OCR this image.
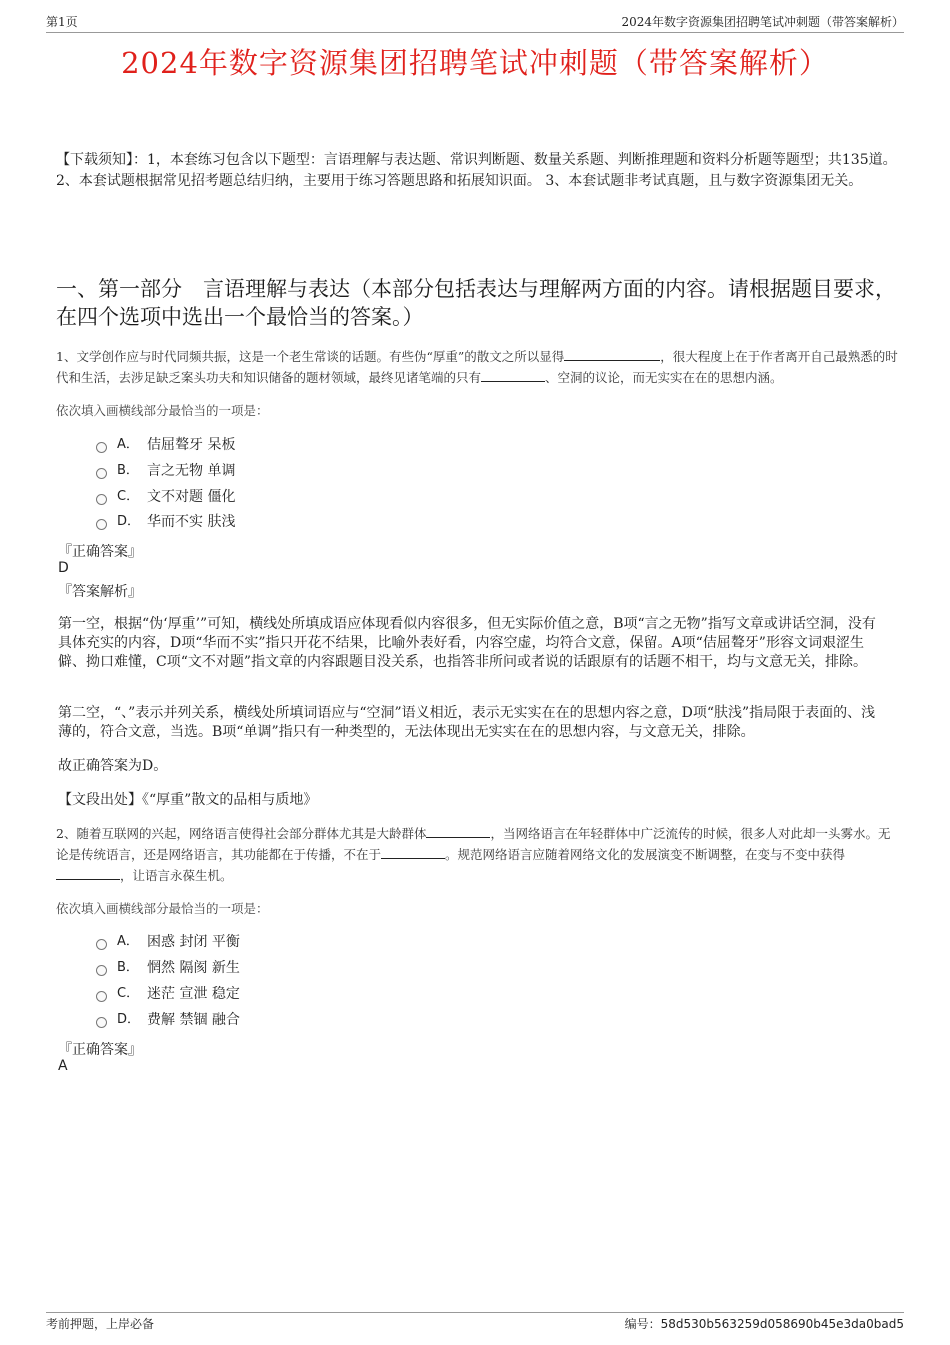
第1页	2024年数字资源集团招聘笔试冲刺题（带答案解析）
2024年数字资源集团招聘笔试冲刺题（带答案解析）
【下载须知】：1，本套练习包含以下题型：言语理解与表达题、常识判断题、数量关系题、判断推理题和资料分析题等题型；共135道。 2、本套试题根据常见招考题总结归纳，主要用于练习答题思路和拓展知识面。 3、本套试题非考试真题，且与数字资源集团无关。
一、第一部分　言语理解与表达（本部分包括表达与理解两方面的内容。请根据题目要求，在四个选项中选出一个最恰当的答案。）
1、文学创作应与时代同频共振，这是一个老生常谈的话题。有些伪“厚重”的散文之所以显得	，很大程度上在于作者离开自己最熟悉的时代和生活，去涉足缺乏案头功夫和知识储备的题材领域，最终见诸笔端的只有	、空洞的议论，而无实实在在的思想内涵。
依次填入画横线部分最恰当的一项是：
A． 佶屈聱牙 呆板
B． 言之无物 单调
C． 文不对题 僵化
D． 华而不实 肤浅
『正确答案』
D
『答案解析』
第一空，根据“伪‘厚重’”可知，横线处所填成语应体现看似内容很多，但无实际价值之意，B项“言之无物”指写文章或讲话空洞，没有具体充实的内容，D项“华而不实”指只开花不结果，比喻外表好看，内容空虚，均符合文意，保留。A项“佶屈聱牙”形容文词艰涩生僻、拗口难懂，C项“文不对题”指文章的内容跟题目没关系，也指答非所问或者说的话跟原有的话题不相干，均与文意无关，排除。
第二空，“、”表示并列关系，横线处所填词语应与“空洞”语义相近，表示无实实在在的思想内容之意，D项“肤浅”指局限于表面的、浅薄的，符合文意，当选。B项“单调”指只有一种类型的，无法体现出无实实在在的思想内容，与文意无关，排除。
故正确答案为D。
【文段出处】《“厚重”散文的品相与质地》
2、随着互联网的兴起，网络语言使得社会部分群体尤其是大龄群体	，当网络语言在年轻群体中广泛流传的时候，很多人对此却一头雾水。无论是传统语言，还是网络语言，其功能都在于传播，不在于	。规范网络语言应随着网络文化的发展演变不断调整，在变与不变中获得，让语言永葆生机。
依次填入画横线部分最恰当的一项是：
A． 困惑 封闭 平衡
B． 惘然 隔阂 新生
C． 迷茫 宣泄 稳定
D． 费解 禁锢 融合
『正确答案』
A
考前押题，上岸必备	编号：58d530b563259d058690b45e3da0bad5
